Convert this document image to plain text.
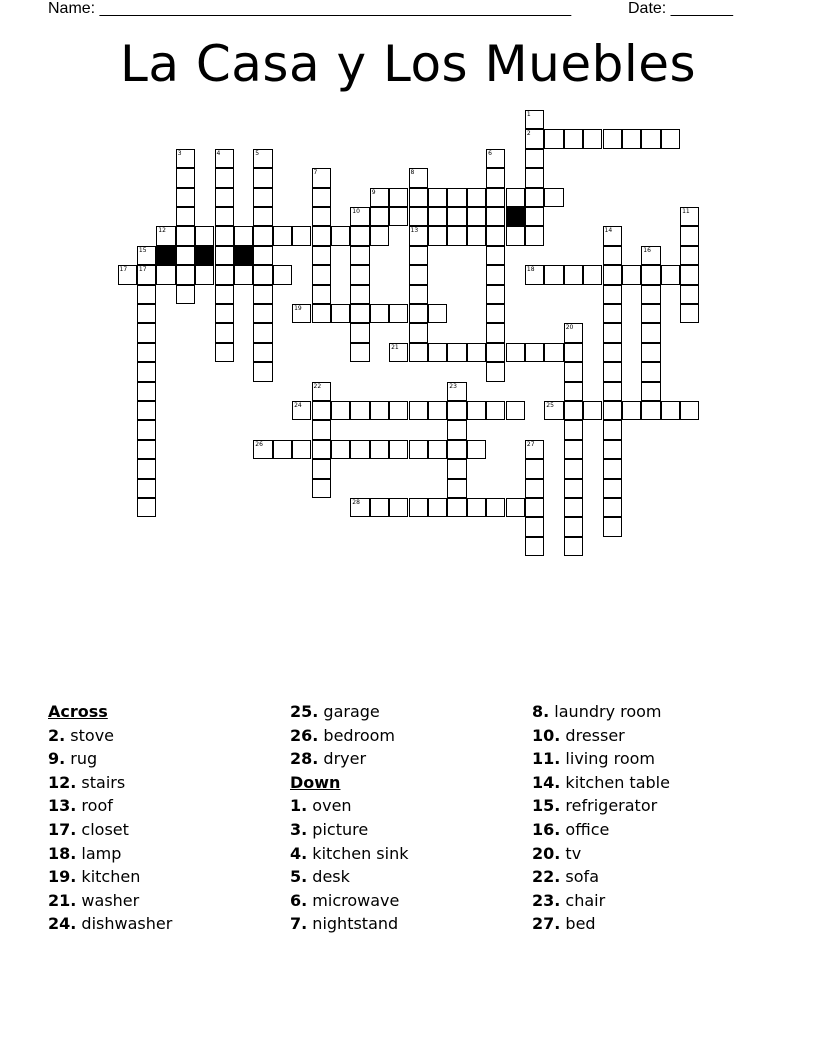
Name: _____________________________________________________	Date: _______
La Casa y Los Muebles
2
9
10
12	13
15
17 17	18
19
21
24	25
26
28
1
3	4	5	6
7	8
11
14
16
20
22	23
27
Across
2. stove
9. rug
12. stairs
13. roof
17. closet
18. lamp
19. kitchen
21. washer
24. dishwasher
25. garage
26. bedroom
28. dryer
Down
1. oven
3. picture
4. kitchen sink
5. desk
6. microwave
7. nightstand
8. laundry room
10. dresser
11. living room
14. kitchen table
15. refrigerator
16. office
20. tv
22. sofa
23. chair
27. bed
